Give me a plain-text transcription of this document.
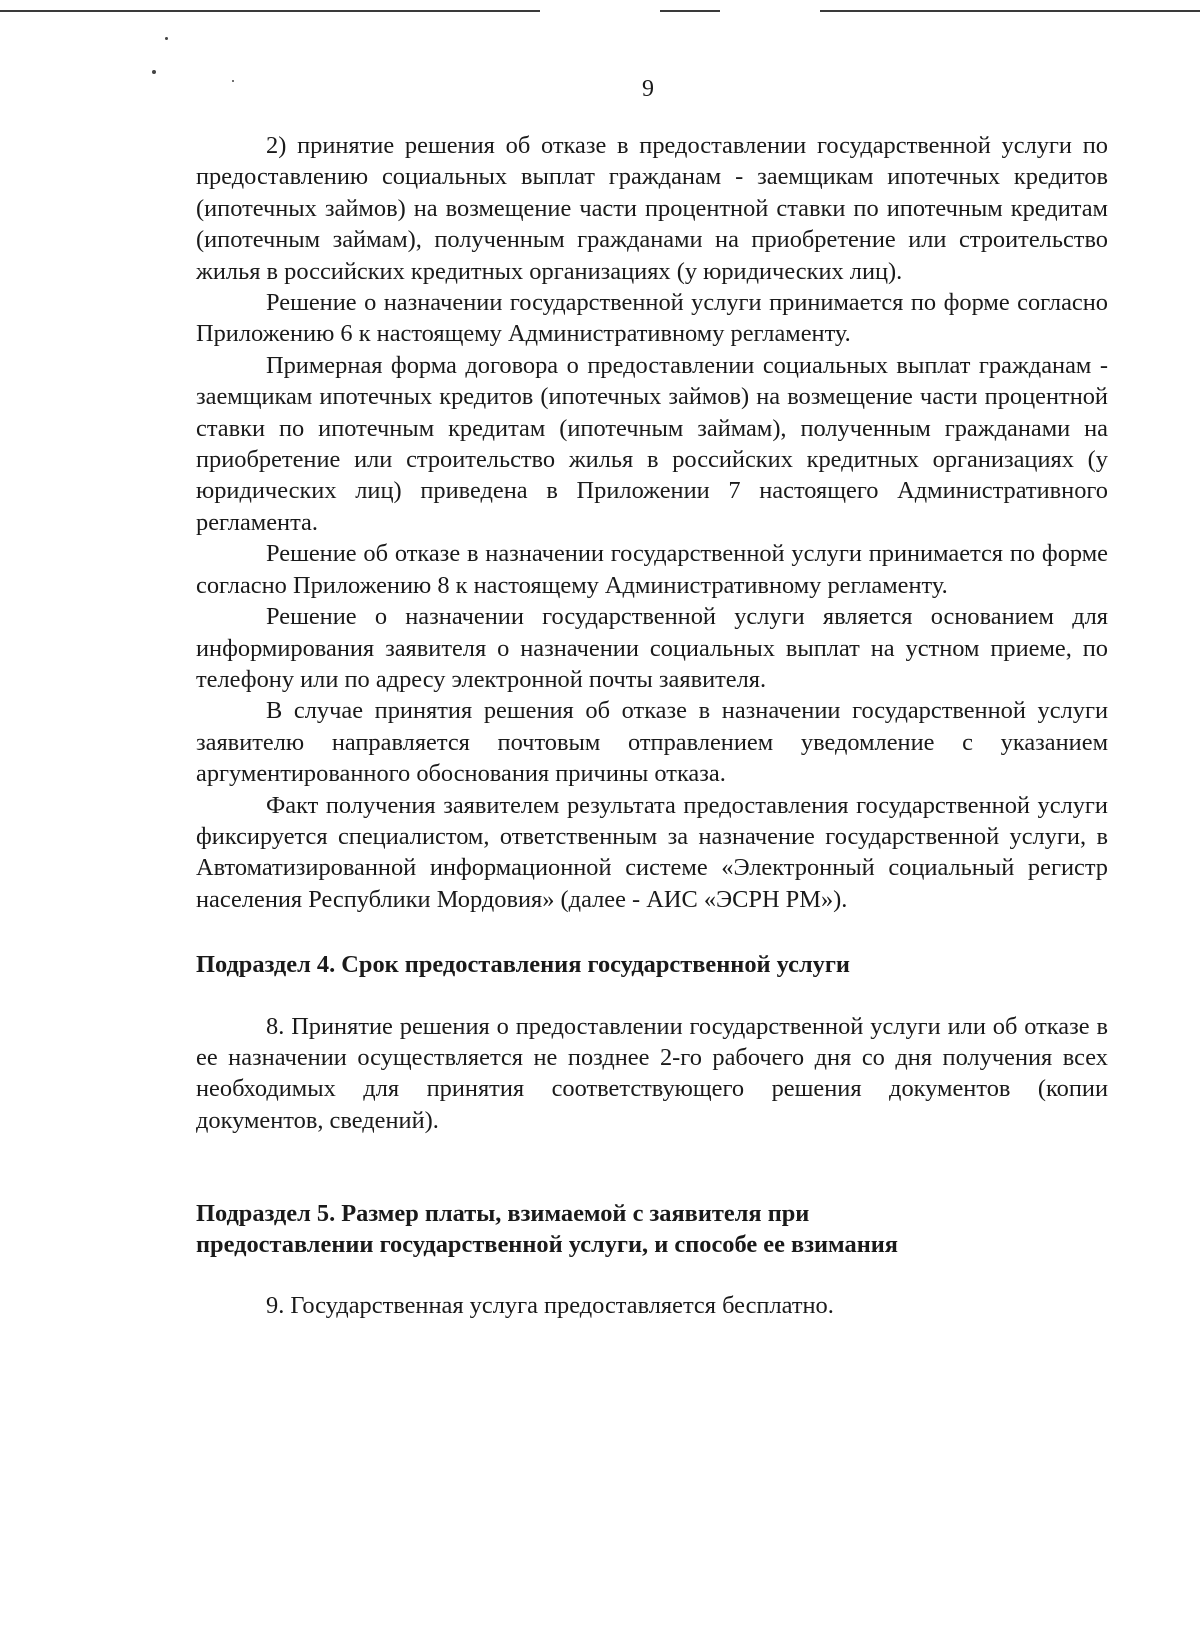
9

2) принятие решения об отказе в предоставлении государственной услуги по предоставлению социальных выплат гражданам - заемщикам ипотечных кредитов (ипотечных займов) на возмещение части процентной ставки по ипотечным кредитам (ипотечным займам), полученным гражданами на приобретение или строительство жилья в российских кредитных организациях (у юридических лиц).

Решение о назначении государственной услуги принимается по форме согласно Приложению 6 к настоящему Административному регламенту.

Примерная форма договора о предоставлении социальных выплат гражданам - заемщикам ипотечных кредитов (ипотечных займов) на возмещение части процентной ставки по ипотечным кредитам (ипотечным займам), полученным гражданами на приобретение или строительство жилья в российских кредитных организациях (у юридических лиц) приведена в Приложении 7 настоящего Административного регламента.

Решение об отказе в назначении государственной услуги принимается по форме согласно Приложению 8 к настоящему Административному регламенту.

Решение о назначении государственной услуги является основанием для информирования заявителя о назначении социальных выплат на устном приеме, по телефону или по адресу электронной почты заявителя.

В случае принятия решения об отказе в назначении государственной услуги заявителю направляется почтовым отправлением уведомление с указанием аргументированного обоснования причины отказа.

Факт получения заявителем результата предоставления государственной услуги фиксируется специалистом, ответственным за назначение государственной услуги, в Автоматизированной информационной системе «Электронный социальный регистр населения Республики Мордовия» (далее - АИС «ЭСРН РМ»).

Подраздел 4. Срок предоставления государственной услуги

8. Принятие решения о предоставлении государственной услуги или об отказе в ее назначении осуществляется не позднее 2-го рабочего дня со дня получения всех необходимых для принятия соответствующего решения документов (копии документов, сведений).

Подраздел 5. Размер платы, взимаемой с заявителя при
предоставлении государственной услуги, и способе ее взимания

9. Государственная услуга предоставляется бесплатно.
